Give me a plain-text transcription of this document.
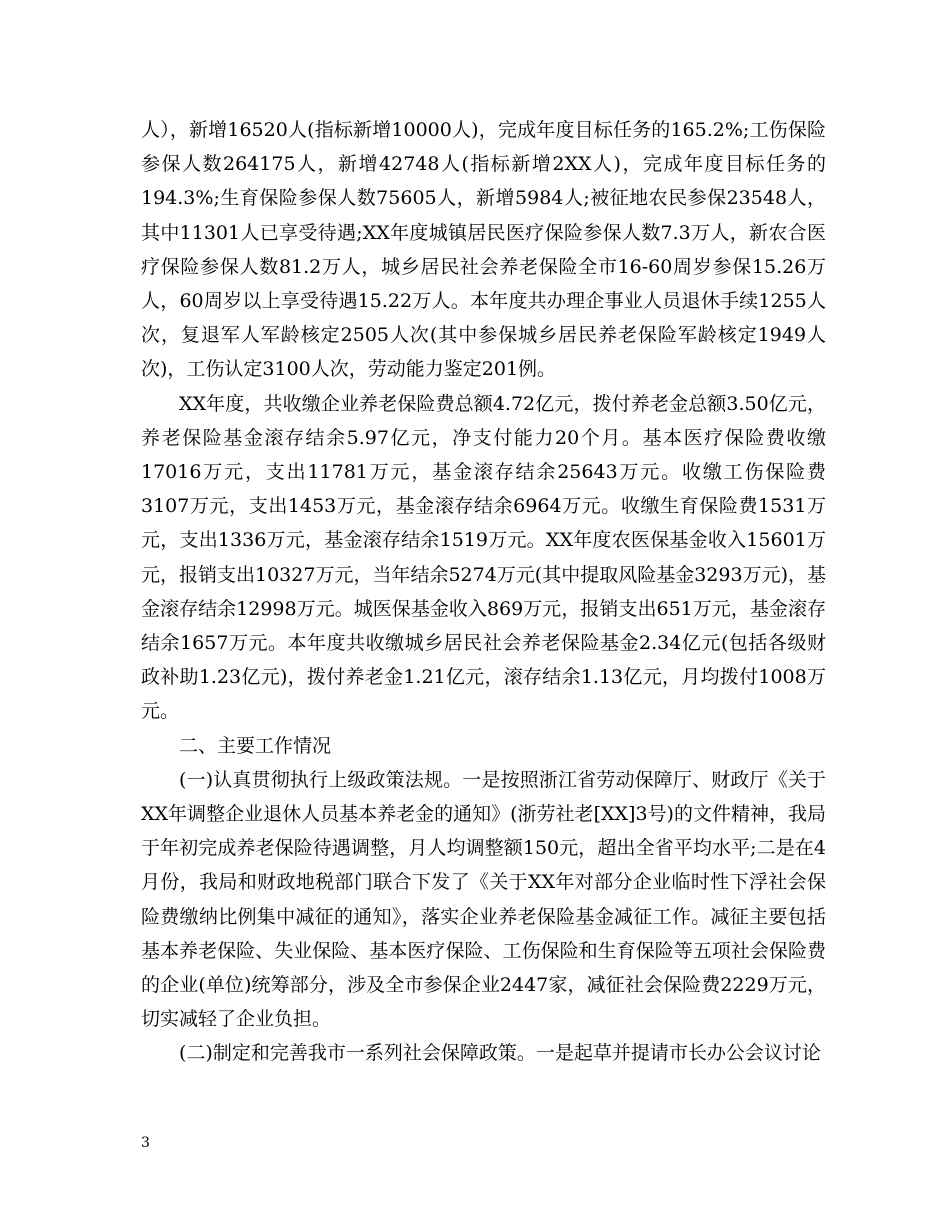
人），新增16520人(指标新增10000人)，完成年度目标任务的165.2%;工伤保险参保人数264175人，新增42748人(指标新增2XX人)，完成年度目标任务的194.3%;生育保险参保人数75605人，新增5984人;被征地农民参保23548人，其中11301人已享受待遇;XX年度城镇居民医疗保险参保人数7.3万人，新农合医疗保险参保人数81.2万人，城乡居民社会养老保险全市16-60周岁参保15.26万人，60周岁以上享受待遇15.22万人。本年度共办理企事业人员退休手续1255人次，复退军人军龄核定2505人次(其中参保城乡居民养老保险军龄核定1949人次)，工伤认定3100人次，劳动能力鉴定201例。

XX年度，共收缴企业养老保险费总额4.72亿元，拨付养老金总额3.50亿元，养老保险基金滚存结余5.97亿元，净支付能力20个月。基本医疗保险费收缴17016万元，支出11781万元，基金滚存结余25643万元。收缴工伤保险费3107万元，支出1453万元，基金滚存结余6964万元。收缴生育保险费1531万元，支出1336万元，基金滚存结余1519万元。XX年度农医保基金收入15601万元，报销支出10327万元，当年结余5274万元(其中提取风险基金3293万元)，基金滚存结余12998万元。城医保基金收入869万元，报销支出651万元，基金滚存结余1657万元。本年度共收缴城乡居民社会养老保险基金2.34亿元(包括各级财政补助1.23亿元)，拨付养老金1.21亿元，滚存结余1.13亿元，月均拨付1008万元。

二、主要工作情况

(一)认真贯彻执行上级政策法规。一是按照浙江省劳动保障厅、财政厅《关于XX年调整企业退休人员基本养老金的通知》(浙劳社老[XX]3号)的文件精神，我局于年初完成养老保险待遇调整，月人均调整额150元，超出全省平均水平;二是在4月份，我局和财政地税部门联合下发了《关于XX年对部分企业临时性下浮社会保险费缴纳比例集中减征的通知》，落实企业养老保险基金减征工作。减征主要包括基本养老保险、失业保险、基本医疗保险、工伤保险和生育保险等五项社会保险费的企业(单位)统筹部分，涉及全市参保企业2447家，减征社会保险费2229万元，切实减轻了企业负担。

(二)制定和完善我市一系列社会保障政策。一是起草并提请市长办公会议讨论

3
